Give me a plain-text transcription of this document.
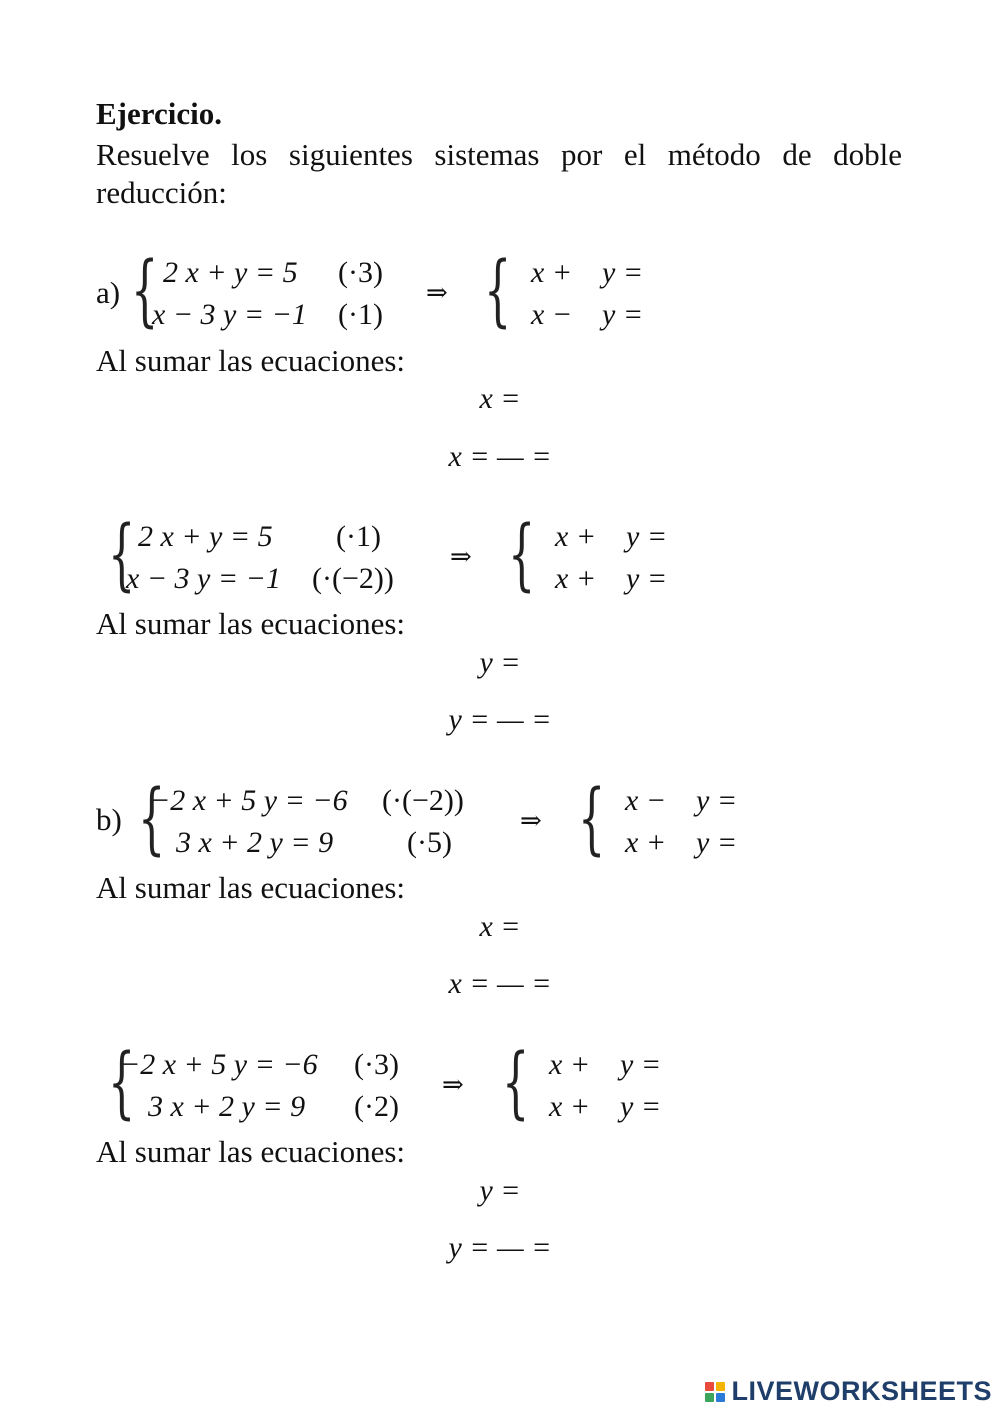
Ejercicio.
Resuelve los siguientes sistemas por el método de doble reducción:
a) { 2 x + y = 5 (·3)
x − 3 y = −1 (·1)
⇒ { x +    y =
x −    y =
Al sumar las ecuaciones:
x =
x = — =
{ 2 x + y = 5 (·1)
x − 3 y = −1 (·(−2))
⇒ { x +    y =
x +    y =
Al sumar las ecuaciones:
y =
y = — =
b) {
−2 x + 5 y = −6 (·(−2))
3 x + 2 y = 9 (·5)
⇒ { x −    y =
x +    y =
Al sumar las ecuaciones:
x =
x = — =
{
−2 x + 5 y = −6 (·3)
3 x + 2 y = 9 (·2)
⇒ { x +    y =
x +    y =
Al sumar las ecuaciones:
y =
y = — =
LIVEWORKSHEETS
